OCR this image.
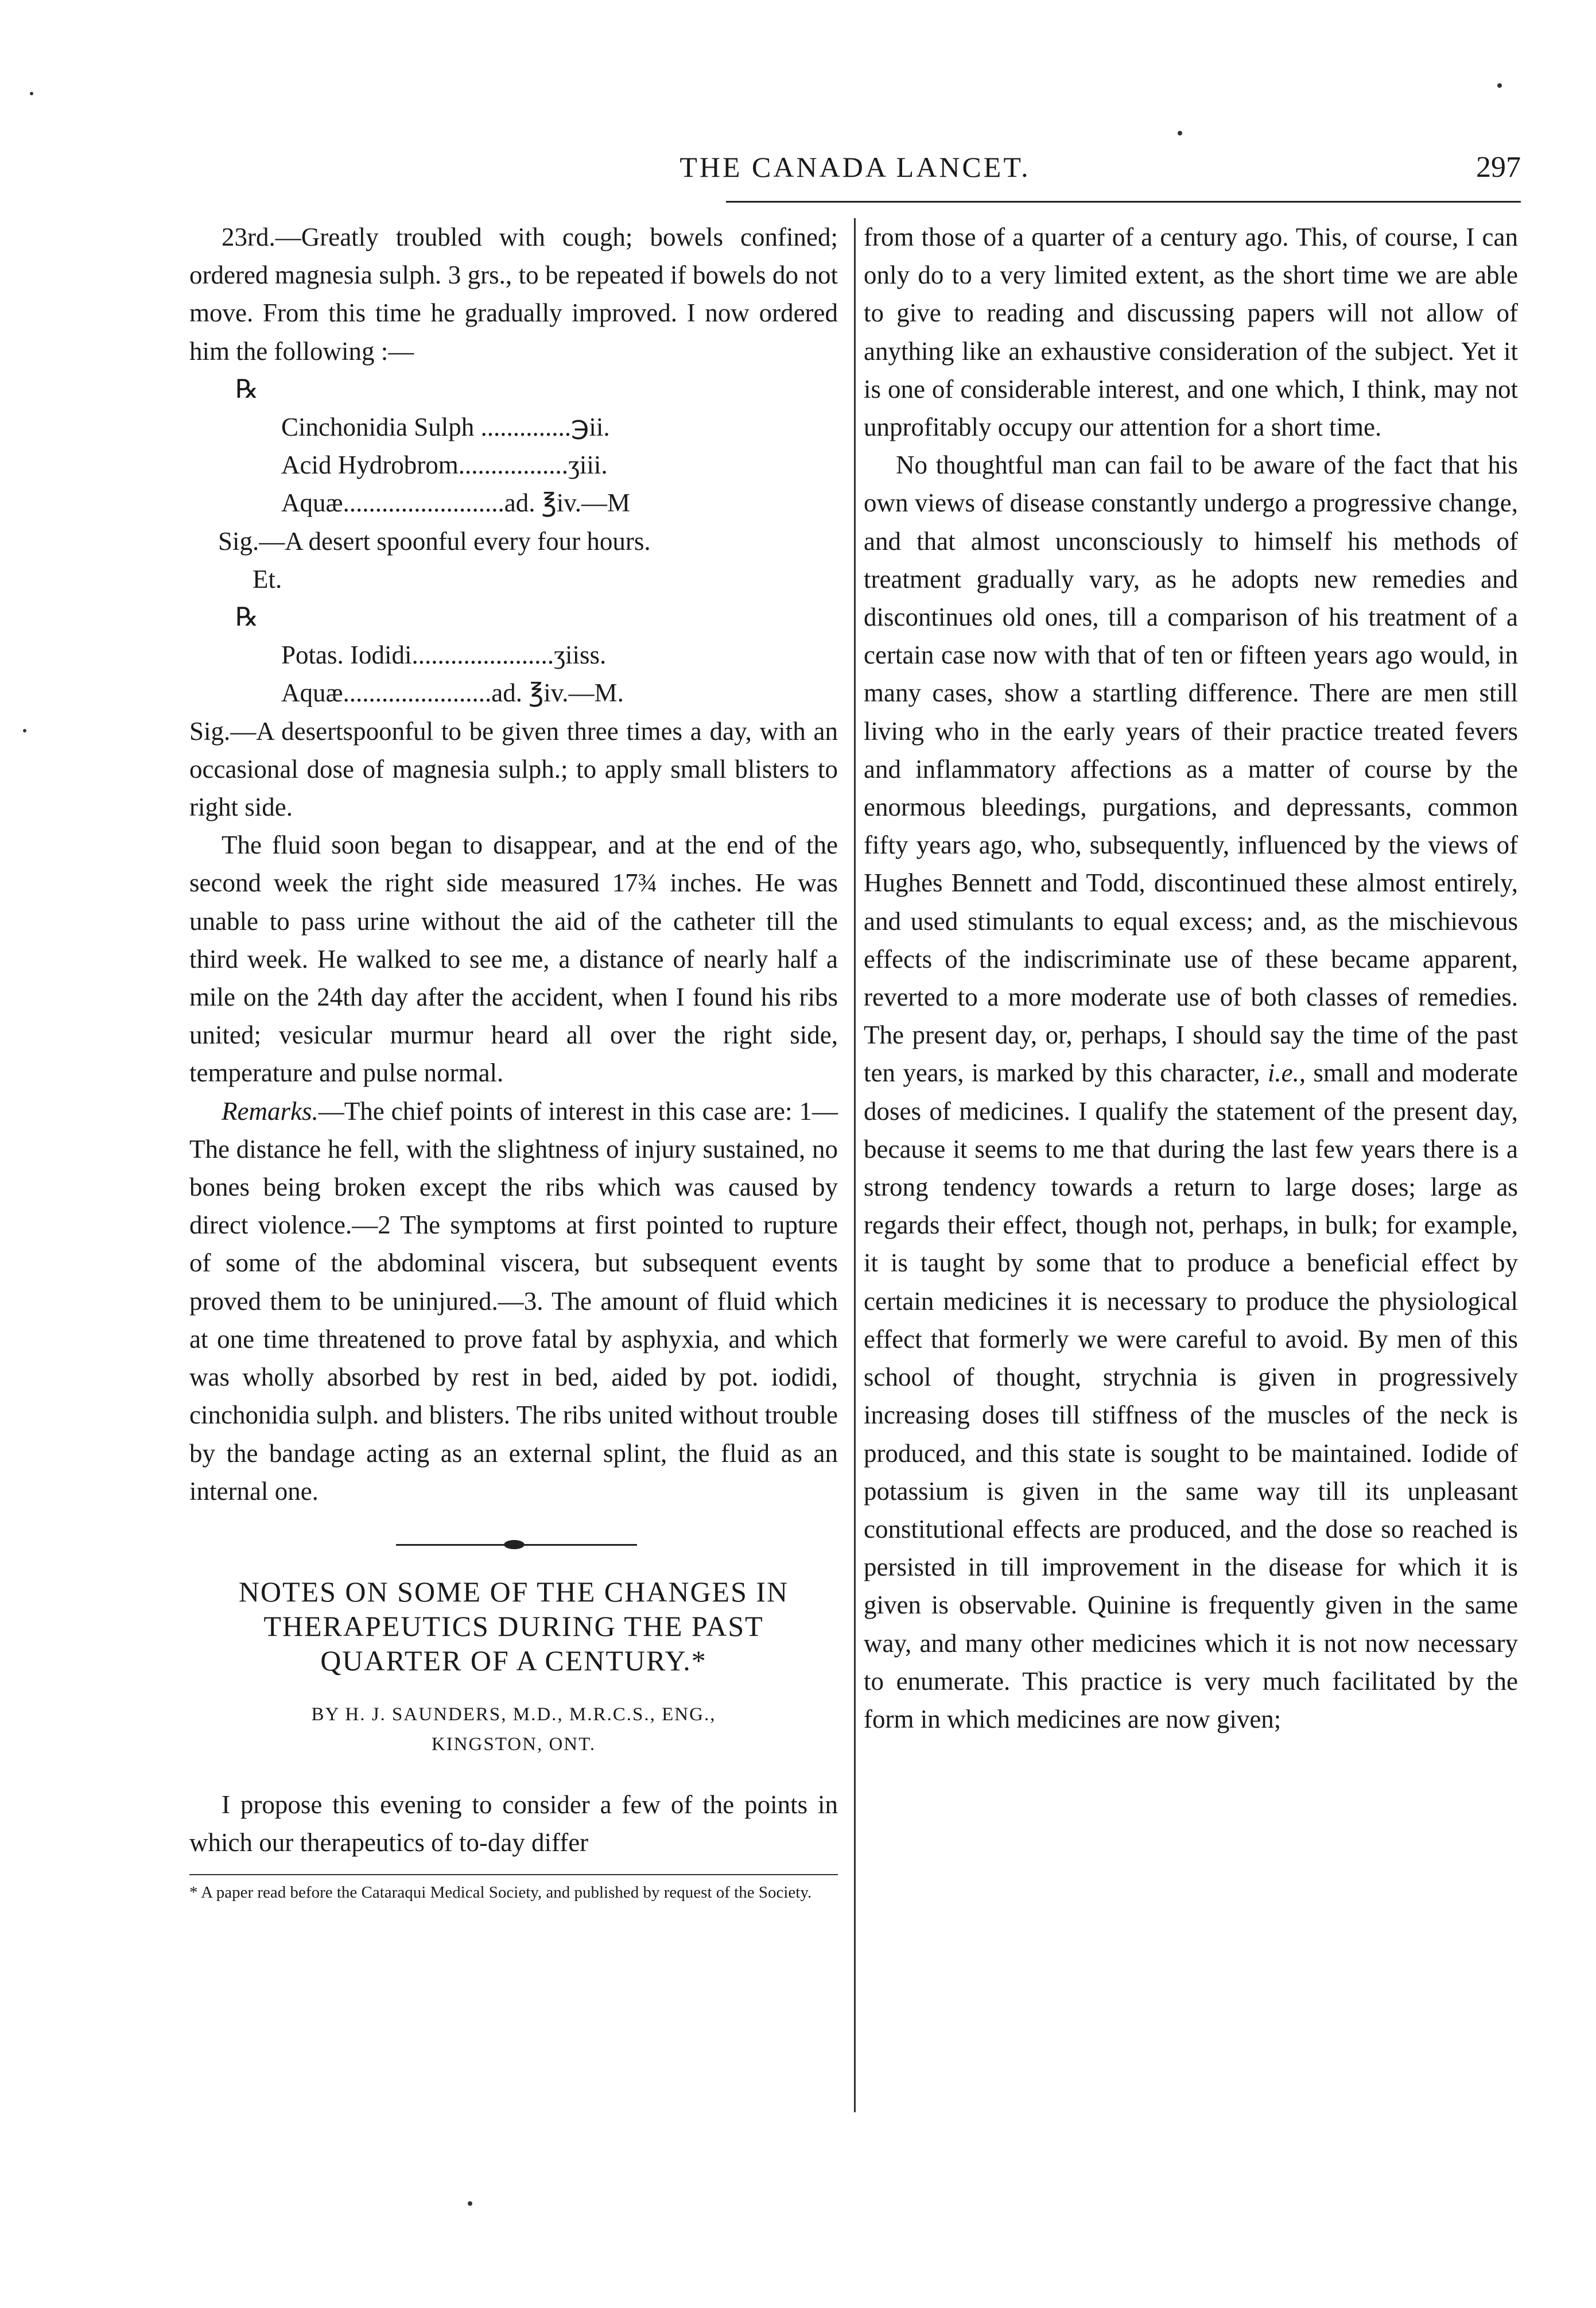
THE CANADA LANCET.	297

23rd.—Greatly troubled with cough; bowels confined; ordered magnesia sulph. 3 grs., to be repeated if bowels do not move. From this time he gradually improved. I now ordered him the following :—

℞

Cinchonidia Sulph ..............℈ii.

Acid Hydrobrom.................ʒiii.

Aquæ.........................ad. ℥iv.—M

Sig.—A desert spoonful every four hours.

Et.

℞

Potas. Iodidi......................ʒiiss.

Aquæ.......................ad. ℥iv.—M.

Sig.—A desertspoonful to be given three times a day, with an occasional dose of magnesia sulph.; to apply small blisters to right side.

The fluid soon began to disappear, and at the end of the second week the right side measured 17¾ inches. He was unable to pass urine without the aid of the catheter till the third week. He walked to see me, a distance of nearly half a mile on the 24th day after the accident, when I found his ribs united; vesicular murmur heard all over the right side, temperature and pulse normal.

Remarks.—The chief points of interest in this case are: 1—The distance he fell, with the slightness of injury sustained, no bones being broken except the ribs which was caused by direct violence.—2 The symptoms at first pointed to rupture of some of the abdominal viscera, but subsequent events proved them to be uninjured.—3. The amount of fluid which at one time threatened to prove fatal by asphyxia, and which was wholly absorbed by rest in bed, aided by pot. iodidi, cinchonidia sulph. and blisters. The ribs united without trouble by the bandage acting as an external splint, the fluid as an internal one.

NOTES ON SOME OF THE CHANGES IN
THERAPEUTICS DURING THE PAST
QUARTER OF A CENTURY.*
BY H. J. SAUNDERS, M.D., M.R.C.S., ENG.,
KINGSTON, ONT.

I propose this evening to consider a few of the points in which our therapeutics of to-day differ

* A paper read before the Cataraqui Medical Society, and published by request of the Society.

from those of a quarter of a century ago. This, of course, I can only do to a very limited extent, as the short time we are able to give to reading and discussing papers will not allow of anything like an exhaustive consideration of the subject. Yet it is one of considerable interest, and one which, I think, may not unprofitably occupy our attention for a short time.

No thoughtful man can fail to be aware of the fact that his own views of disease constantly undergo a progressive change, and that almost unconsciously to himself his methods of treatment gradually vary, as he adopts new remedies and discontinues old ones, till a comparison of his treatment of a certain case now with that of ten or fifteen years ago would, in many cases, show a startling difference. There are men still living who in the early years of their practice treated fevers and inflammatory affections as a matter of course by the enormous bleedings, purgations, and depressants, common fifty years ago, who, subsequently, influenced by the views of Hughes Bennett and Todd, discontinued these almost entirely, and used stimulants to equal excess; and, as the mischievous effects of the indiscriminate use of these became apparent, reverted to a more moderate use of both classes of remedies. The present day, or, perhaps, I should say the time of the past ten years, is marked by this character, i.e., small and moderate doses of medicines. I qualify the statement of the present day, because it seems to me that during the last few years there is a strong tendency towards a return to large doses; large as regards their effect, though not, perhaps, in bulk; for example, it is taught by some that to produce a beneficial effect by certain medicines it is necessary to produce the physiological effect that formerly we were careful to avoid. By men of this school of thought, strychnia is given in progressively increasing doses till stiffness of the muscles of the neck is produced, and this state is sought to be maintained. Iodide of potassium is given in the same way till its unpleasant constitutional effects are produced, and the dose so reached is persisted in till improvement in the disease for which it is given is observable. Quinine is frequently given in the same way, and many other medicines which it is not now necessary to enumerate. This practice is very much facilitated by the form in which medicines are now given;
